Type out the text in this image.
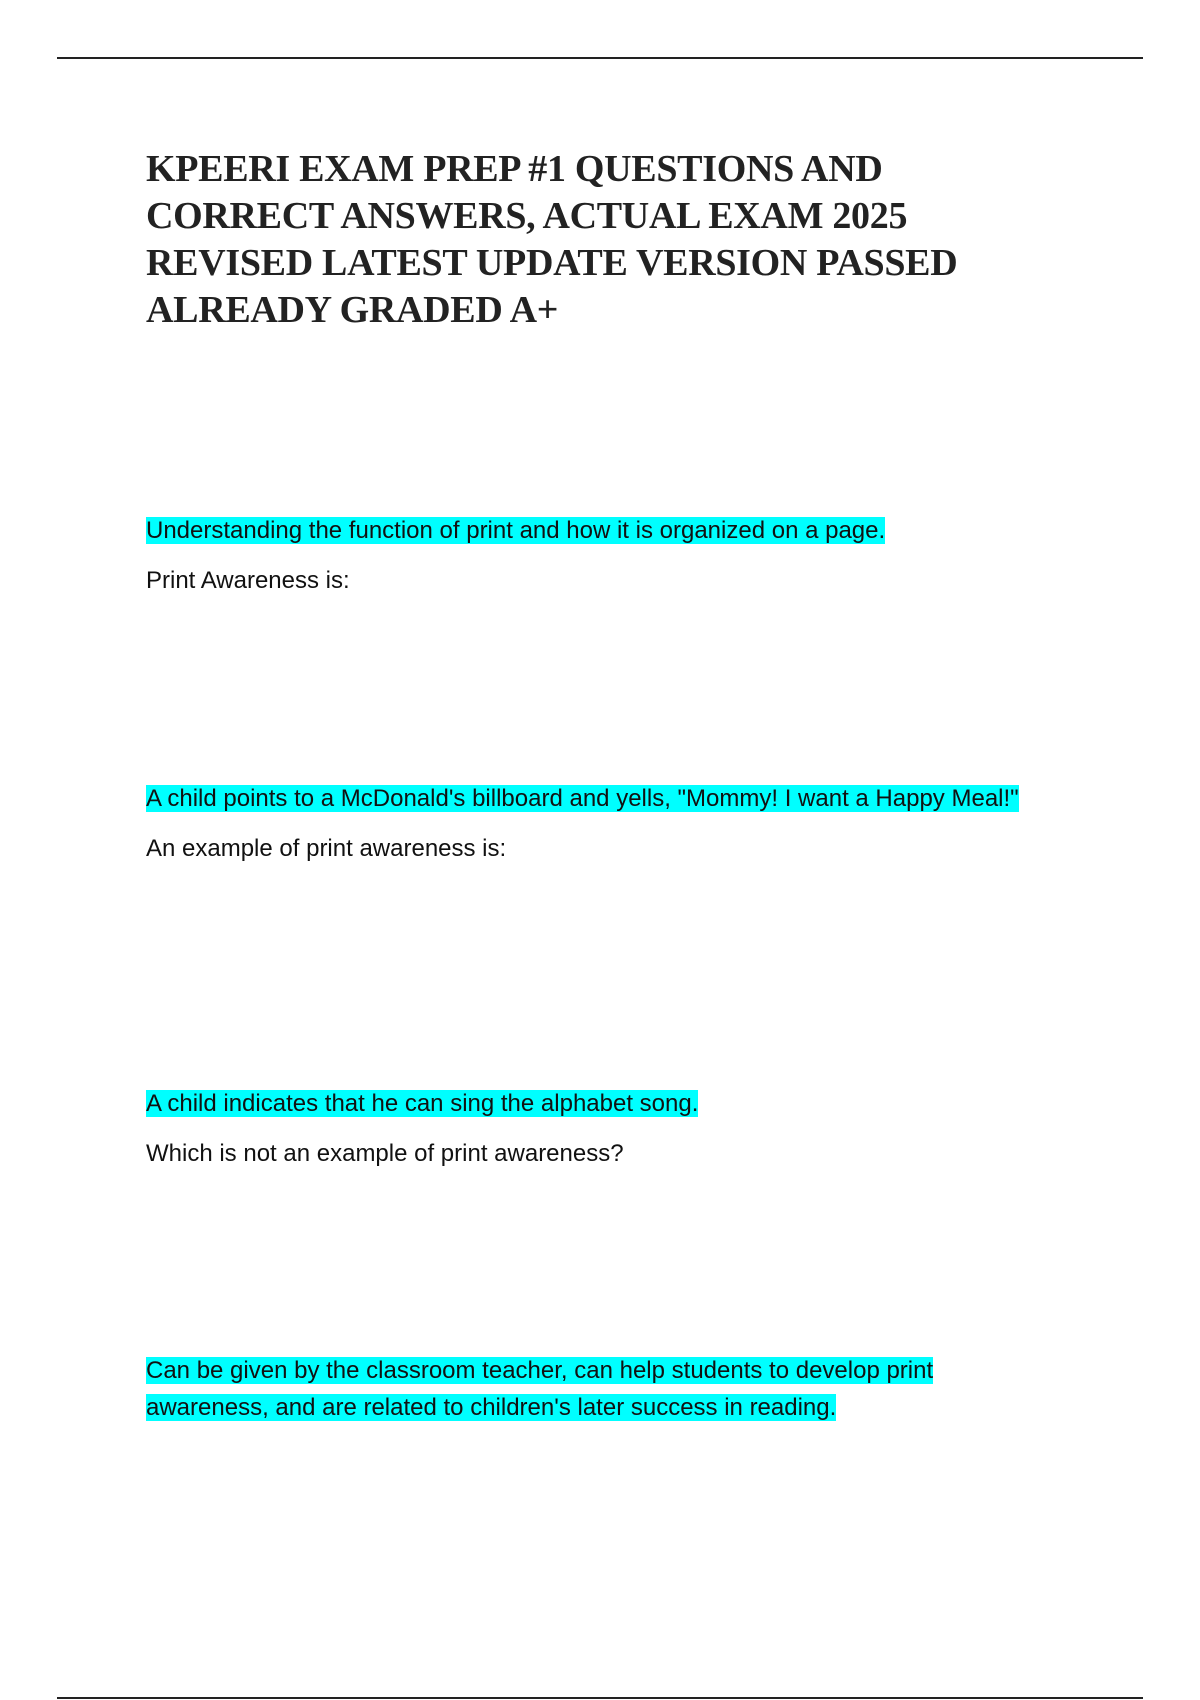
KPEERI EXAM PREP #1 QUESTIONS AND CORRECT ANSWERS, ACTUAL EXAM 2025 REVISED LATEST UPDATE VERSION PASSED ALREADY GRADED A+

Understanding the function of print and how it is organized on a page.

Print Awareness is:

A child points to a McDonald's billboard and yells, "Mommy! I want a Happy Meal!"

An example of print awareness is:

A child indicates that he can sing the alphabet song.

Which is not an example of print awareness?

Can be given by the classroom teacher, can help students to develop print awareness, and are related to children's later success in reading.
